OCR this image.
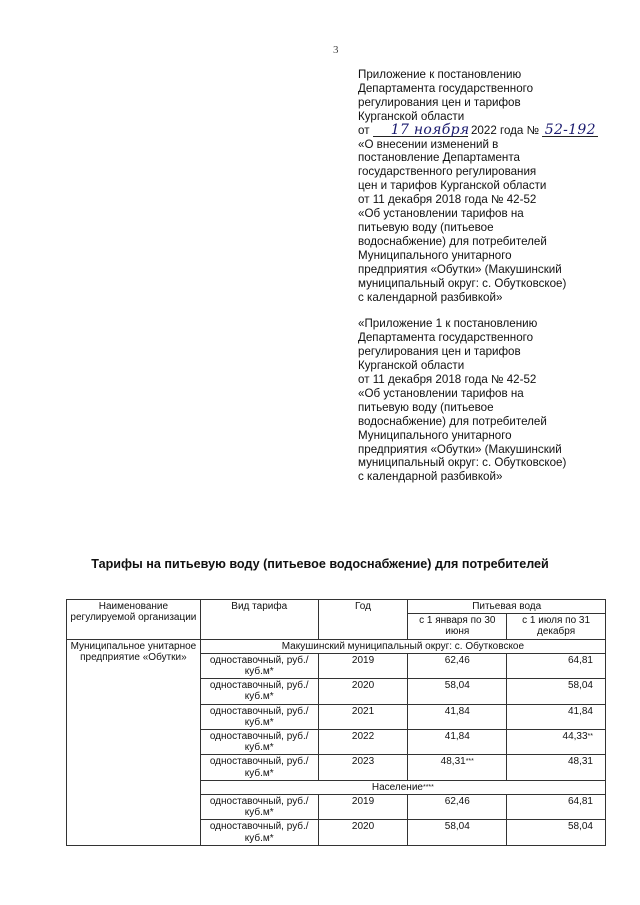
3
Приложение к постановлению
Департамента государственного
регулирования цен и тарифов
Курганской области
от 17 ноября 2022 года № 52-192
«О внесении изменений в
постановление Департамента
государственного регулирования
цен и тарифов Курганской области
от 11 декабря 2018 года № 42-52
«Об установлении тарифов на
питьевую воду (питьевое
водоснабжение) для потребителей
Муниципального унитарного
предприятия «Обутки» (Макушинский
муниципальный округ: с. Обутковское)
с календарной разбивкой»
«Приложение 1 к постановлению
Департамента государственного
регулирования цен и тарифов
Курганской области
от 11 декабря 2018 года № 42-52
«Об установлении тарифов на
питьевую воду (питьевое
водоснабжение) для потребителей
Муниципального унитарного
предприятия «Обутки» (Макушинский
муниципальный округ: с. Обутковское)
с календарной разбивкой»
Тарифы на питьевую воду (питьевое водоснабжение) для потребителей
Наименование регулируемой организации	Вид тарифа	Год	Питьевая вода	
			с 1 января по 30 июня	с 1 июля по 31 декабря
Муниципальное унитарное предприятие «Обутки»	Макушинский муниципальный округ: с. Обутковское			
	одноставочный, руб./куб.м*	2019	62,46	64,81
	одноставочный, руб./куб.м*	2020	58,04	58,04
	одноставочный, руб./куб.м*	2021	41,84	41,84
	одноставочный, руб./куб.м*	2022	41,84	44,33**
	одноставочный, руб./куб.м*	2023	48,31***	48,31
	Население****
	одноставочный, руб./куб.м*	2019	62,46	64,81
	одноставочный, руб./куб.м*	2020	58,04	58,04
